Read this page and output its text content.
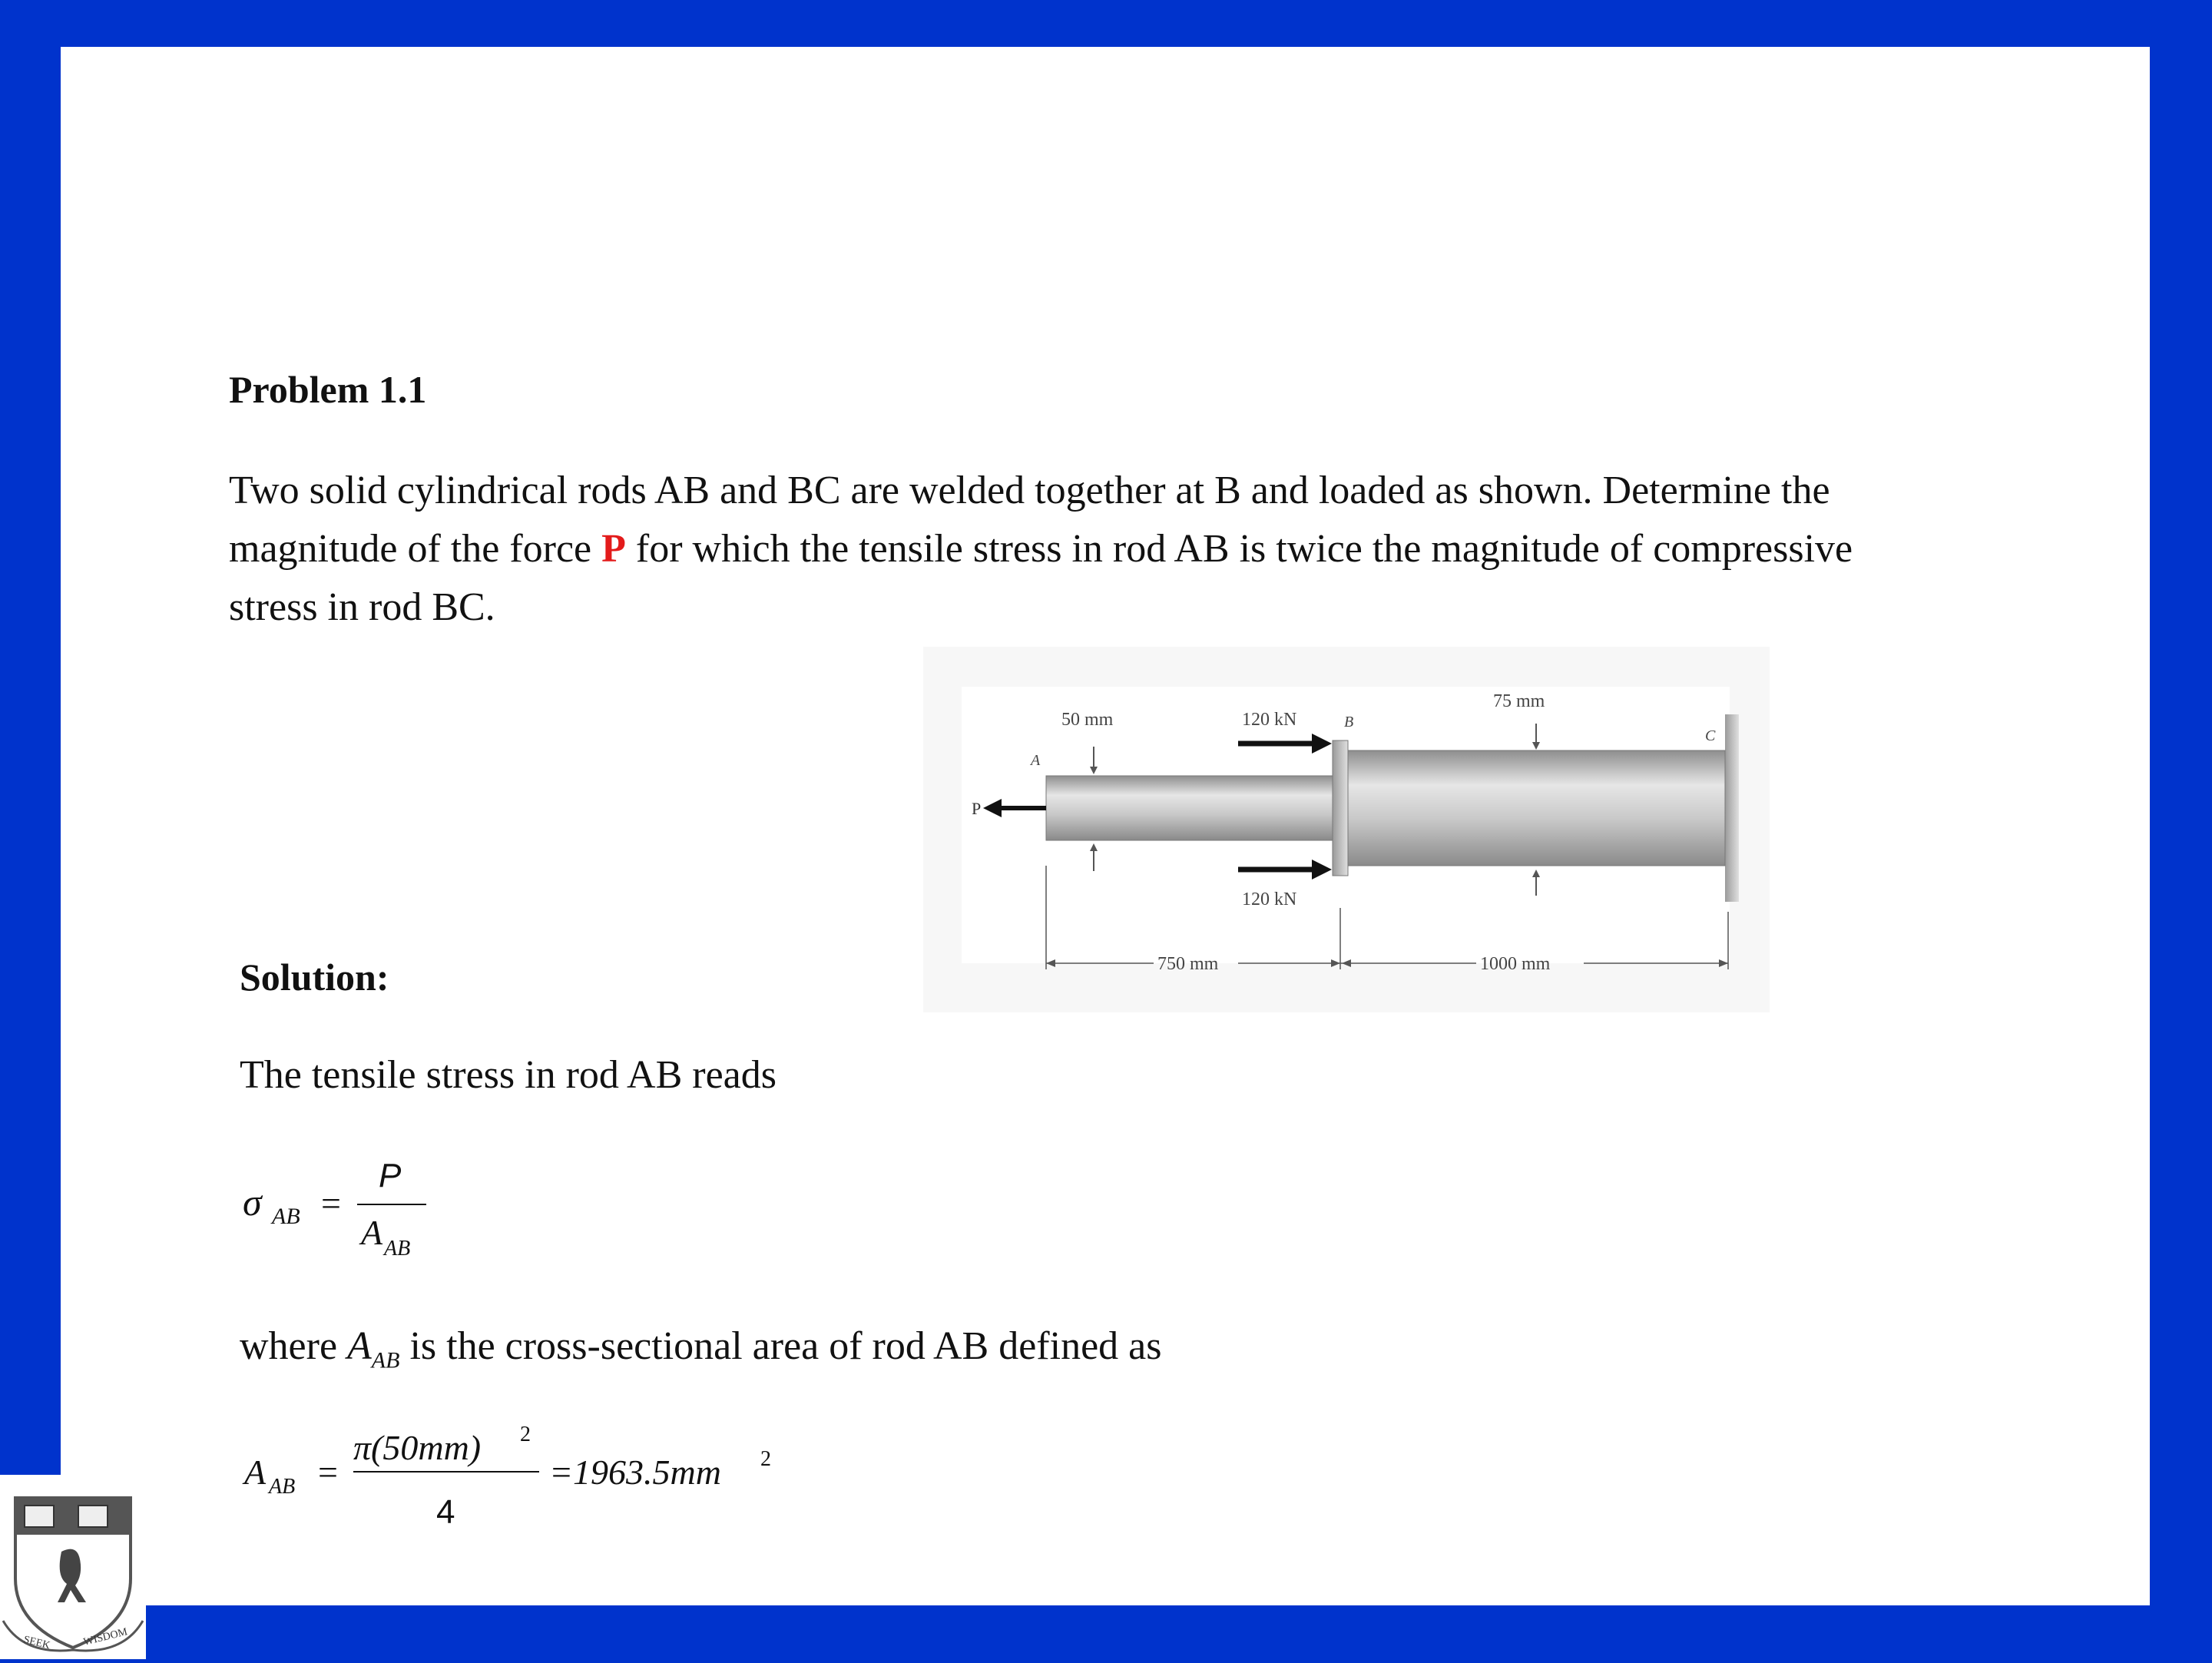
Problem 1.1

Two solid cylindrical rods AB and BC are welded together at B and loaded as shown. Determine the magnitude of the force P for which the tensile stress in rod AB is twice the magnitude of compressive stress in rod BC.

P
50 mm	120 kN	B
A
75 mm
C
120 kN
750 mm	1000 mm

Solution:

The tensile stress in rod AB reads

σ AB =
P
A AB

where $A_{AB}$ is the cross-sectional area of rod AB defined as

A AB =
π(50mm) 2
4
=1963.5mm 2
SEEK	WISDOM
